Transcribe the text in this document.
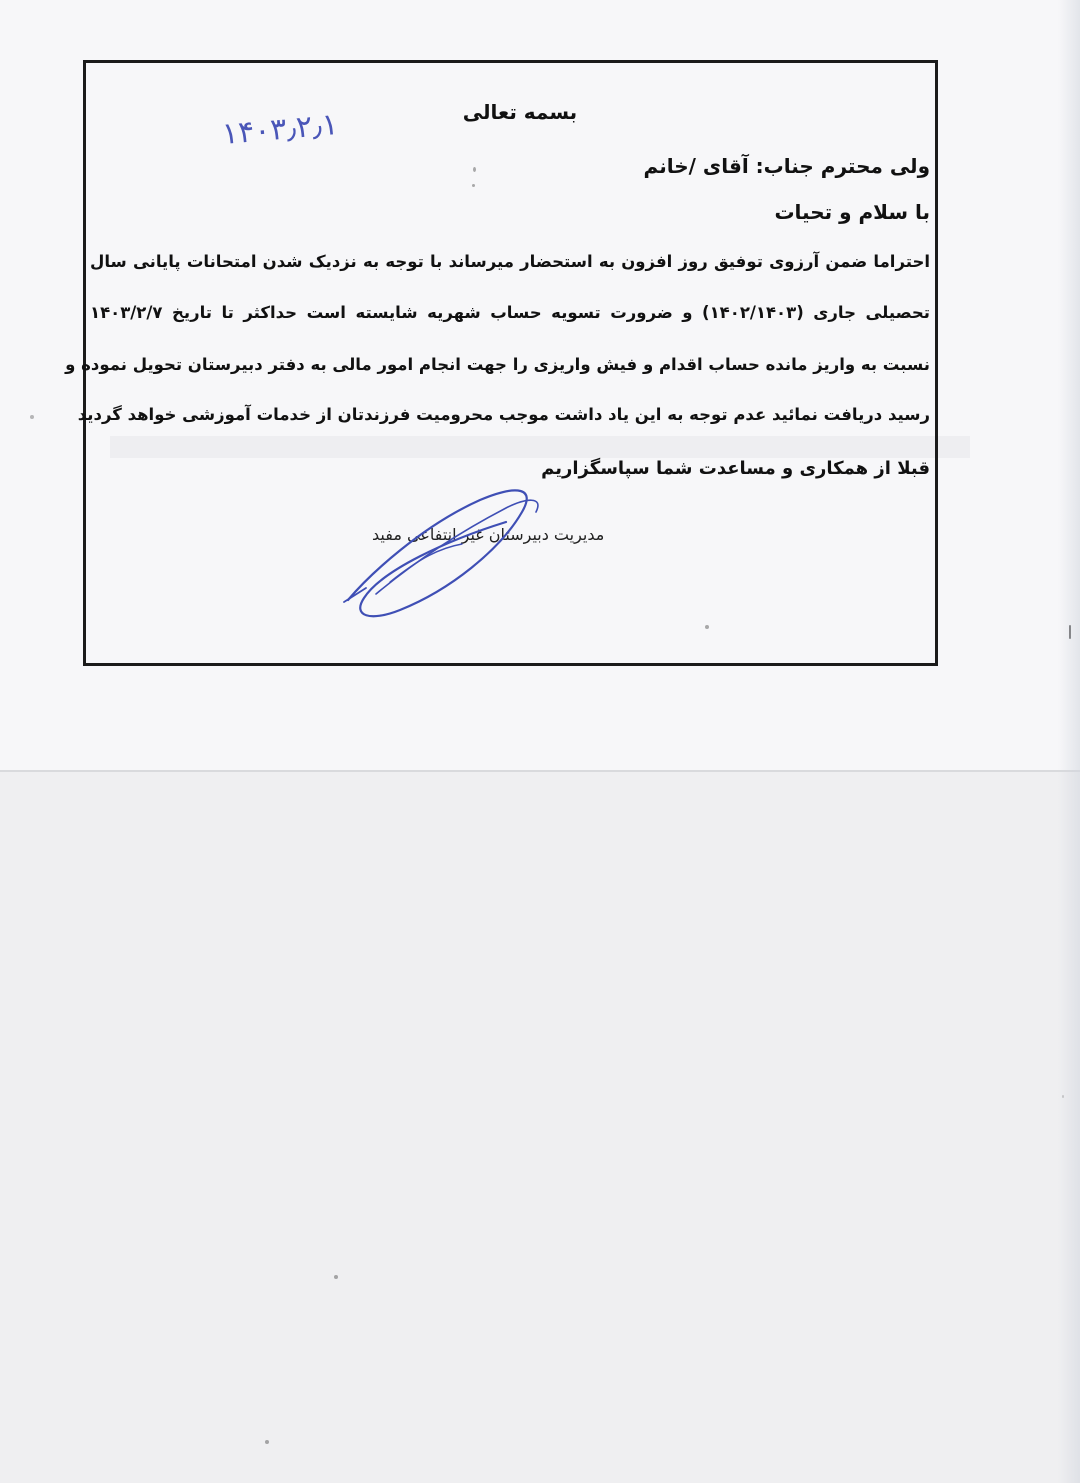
بسمه تعالی
۱۴۰۳٫۲٫۱
ولی محترم جناب: آقای /خانم
با سلام و تحیات
احتراما ضمن آرزوی توفیق روز افزون به استحضار میرساند با توجه به نزدیک شدن امتحانات پایانی سال
تحصیلی جاری (۱۴۰۲/۱۴۰۳) و ضرورت تسویه حساب شهریه شایسته است حداکثر تا تاریخ ۱۴۰۳/۲/۷
نسبت به واریز مانده حساب اقدام و فیش واریزی را جهت انجام امور مالی به دفتر دبیرستان تحویل نموده و
رسید دریافت نمائید عدم توجه به این یاد داشت موجب محرومیت فرزندتان از خدمات آموزشی خواهد گردید
قبلا از همکاری و مساعدت شما سپاسگزاریم
مدیریت دبیرستان غیر انتفاعی مفید
